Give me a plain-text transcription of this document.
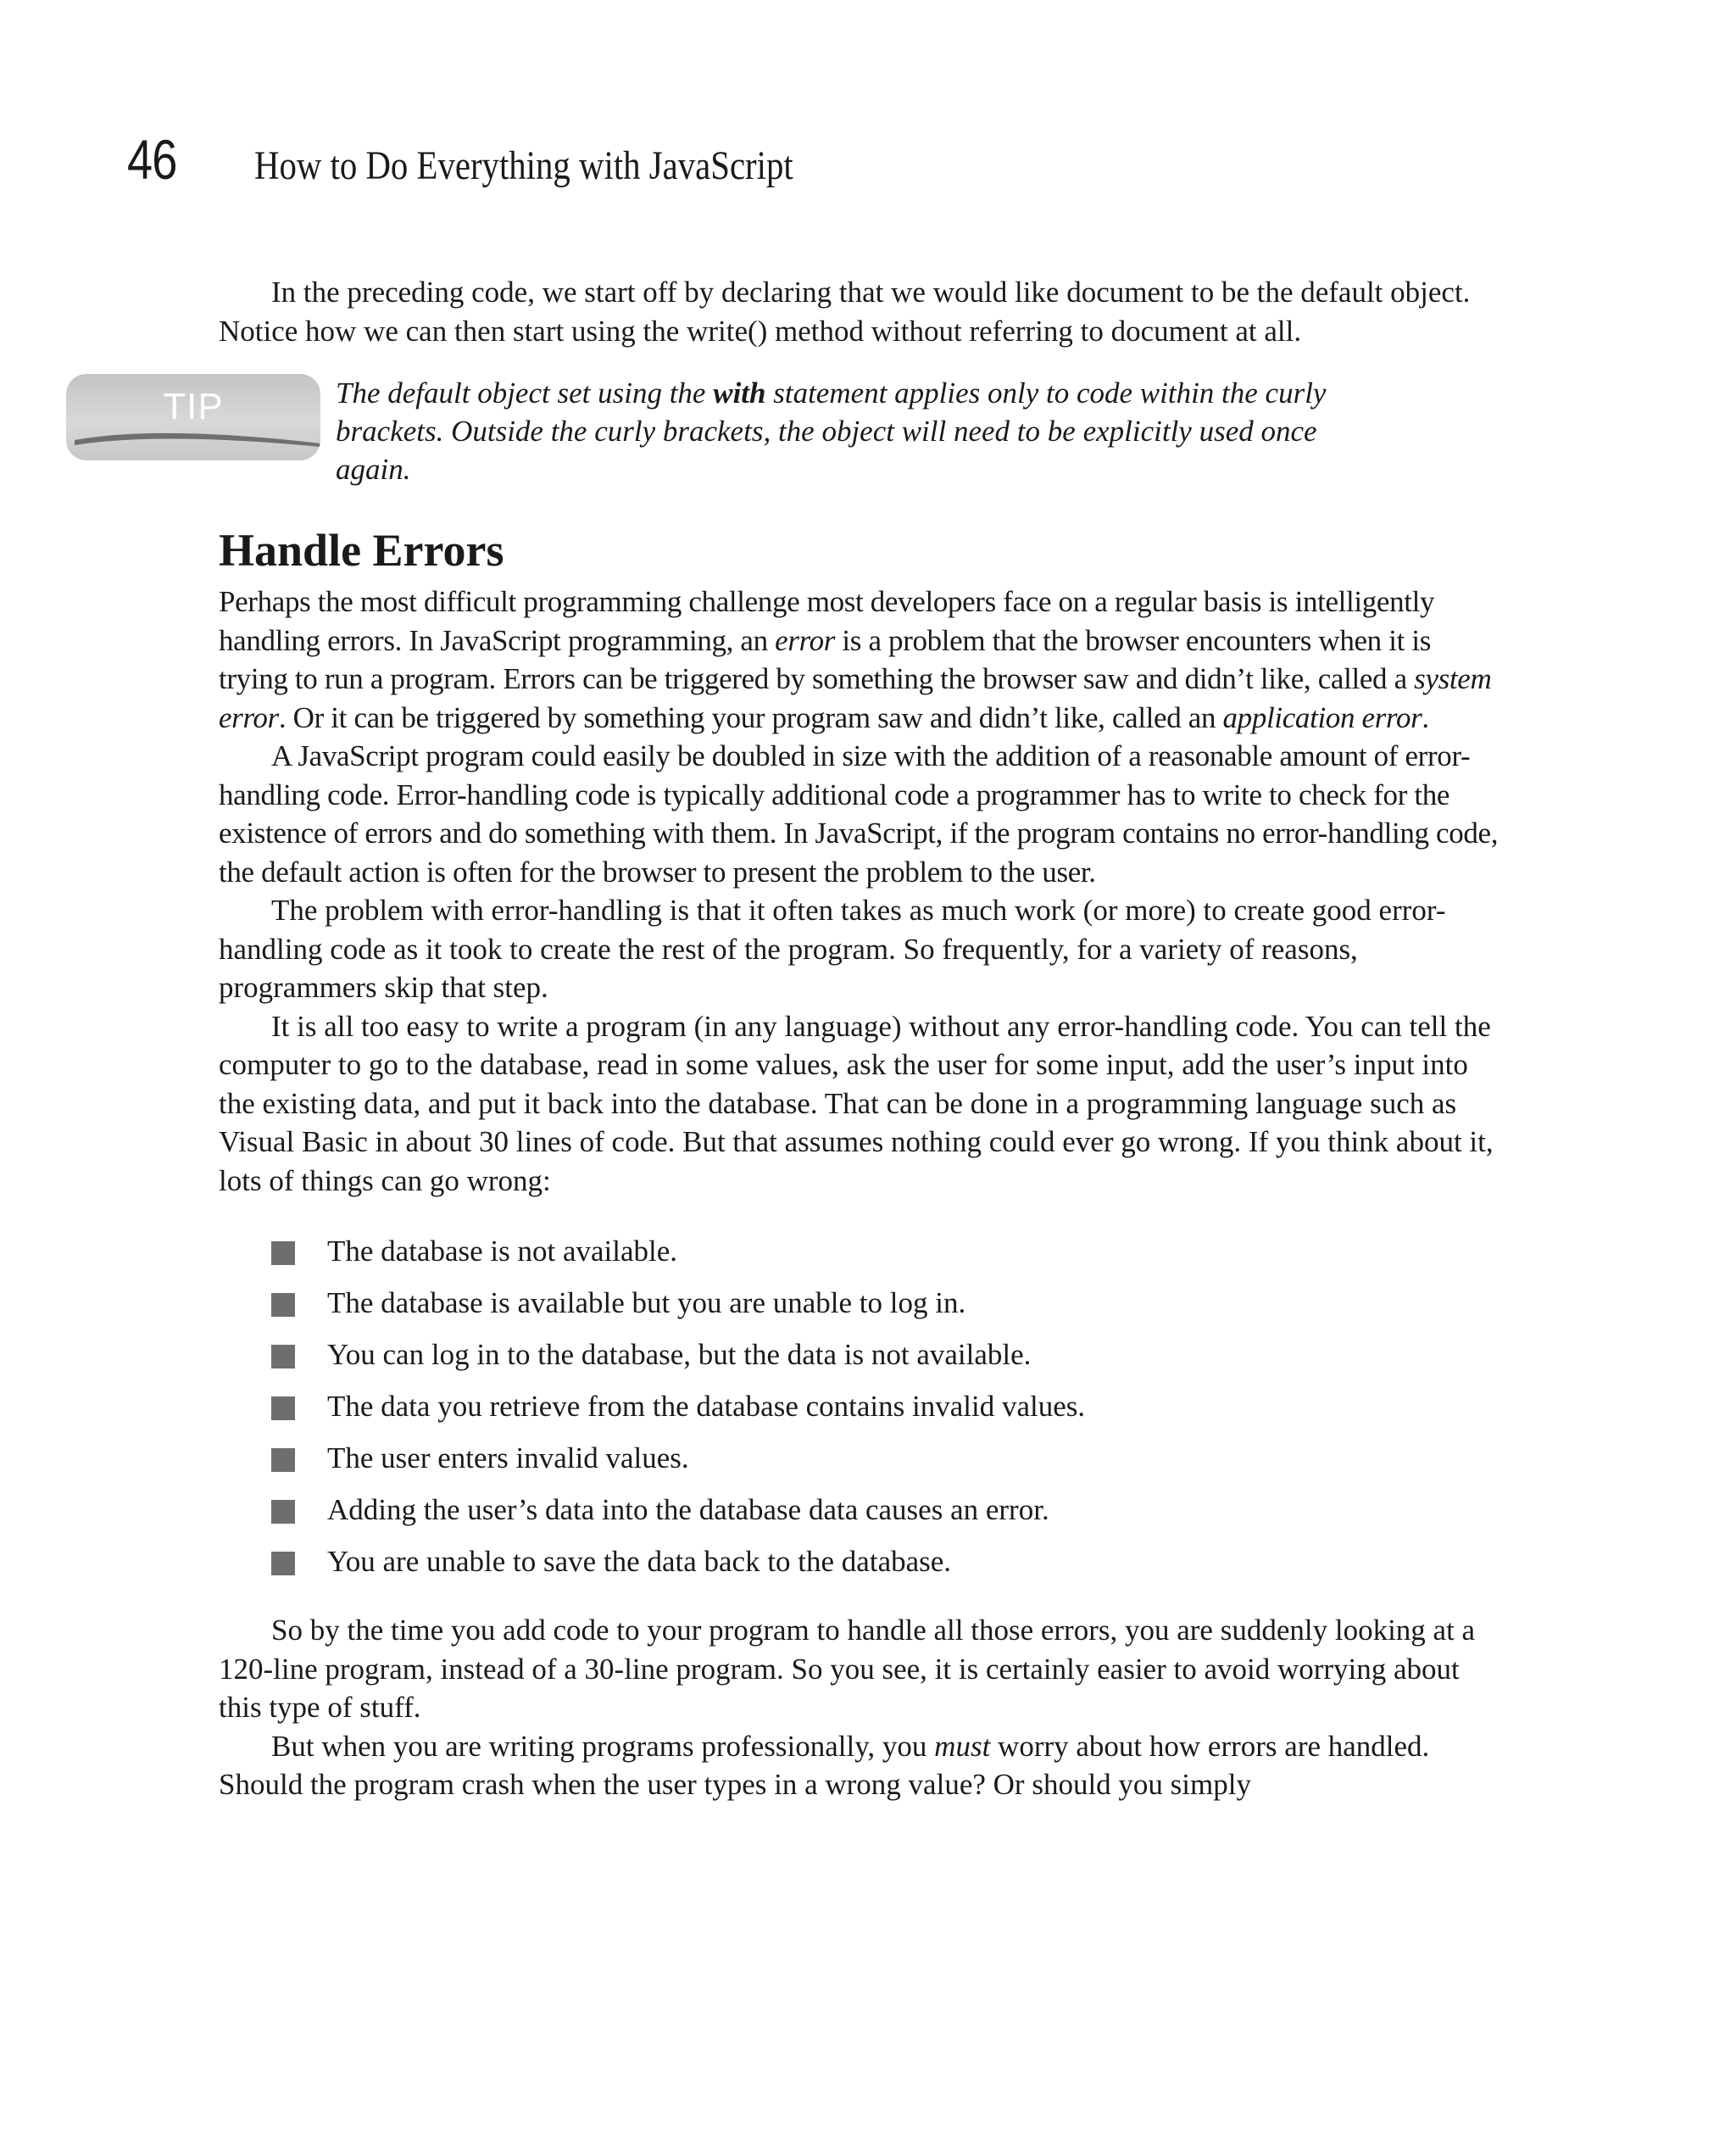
46	How to Do Everything with JavaScript

In the preceding code, we start off by declaring that we would like document to be the default object. Notice how we can then start using the write() method without referring to document at all.

TIP	The default object set using the with statement applies only to code within the curly brackets. Outside the curly brackets, the object will need to be explicitly used once again.

Handle Errors

Perhaps the most difficult programming challenge most developers face on a regular basis is intelligently handling errors. In JavaScript programming, an error is a problem that the browser encounters when it is trying to run a program. Errors can be triggered by something the browser saw and didn’t like, called a system error. Or it can be triggered by something your program saw and didn’t like, called an application error.

A JavaScript program could easily be doubled in size with the addition of a reasonable amount of error-handling code. Error-handling code is typically additional code a programmer has to write to check for the existence of errors and do something with them. In JavaScript, if the program contains no error-handling code, the default action is often for the browser to present the problem to the user.

The problem with error-handling is that it often takes as much work (or more) to create good error-handling code as it took to create the rest of the program. So frequently, for a variety of reasons, programmers skip that step.

It is all too easy to write a program (in any language) without any error-handling code. You can tell the computer to go to the database, read in some values, ask the user for some input, add the user’s input into the existing data, and put it back into the database. That can be done in a programming language such as Visual Basic in about 30 lines of code. But that assumes nothing could ever go wrong. If you think about it, lots of things can go wrong:

The database is not available.
The database is available but you are unable to log in.
You can log in to the database, but the data is not available.
The data you retrieve from the database contains invalid values.
The user enters invalid values.
Adding the user’s data into the database data causes an error.
You are unable to save the data back to the database.

So by the time you add code to your program to handle all those errors, you are suddenly looking at a 120-line program, instead of a 30-line program. So you see, it is certainly easier to avoid worrying about this type of stuff.

But when you are writing programs professionally, you must worry about how errors are handled. Should the program crash when the user types in a wrong value? Or should you simply
